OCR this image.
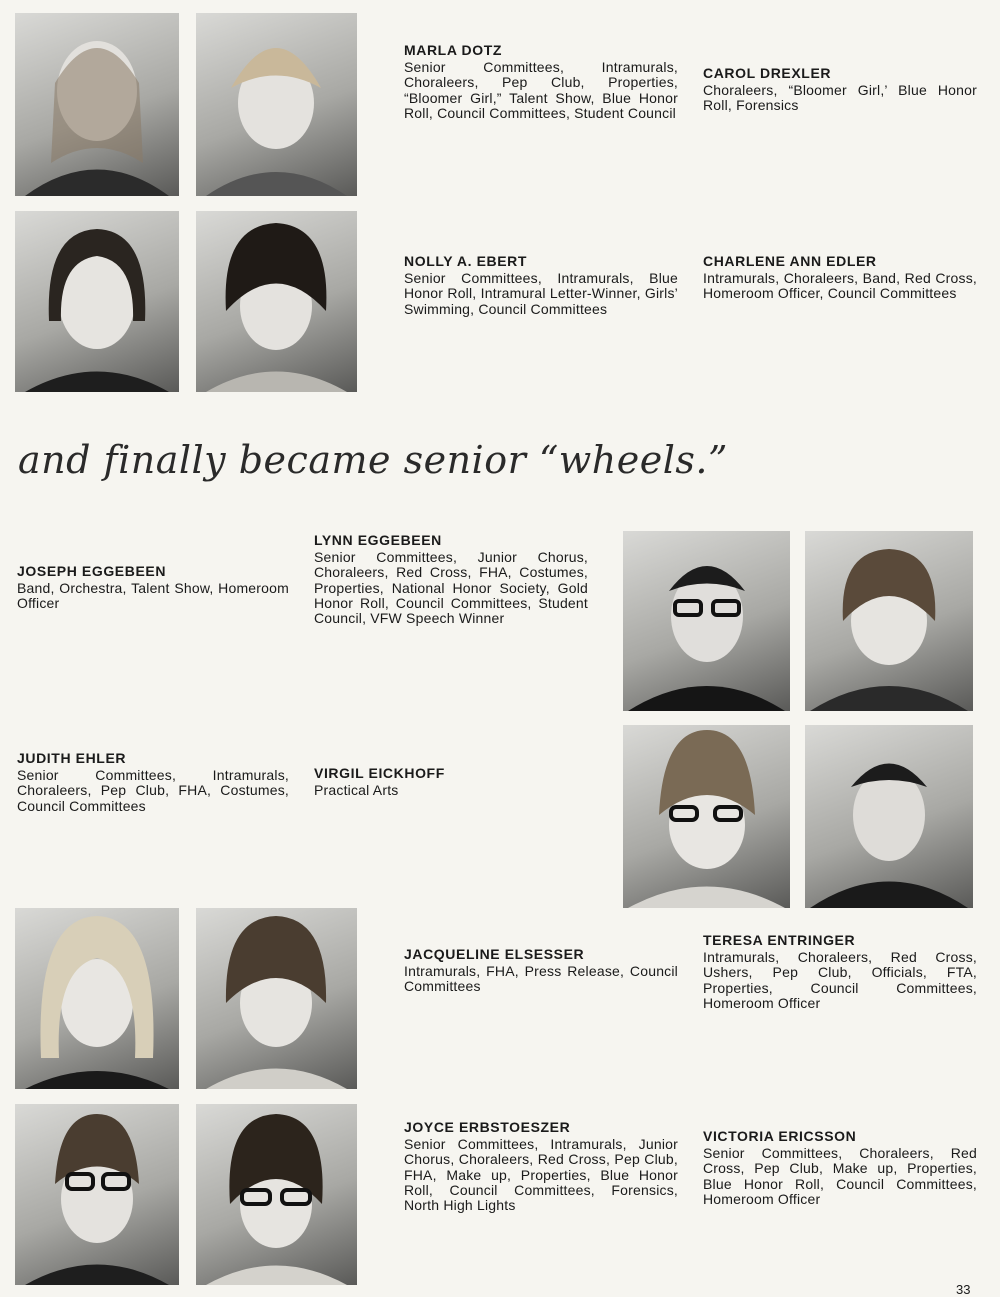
MARLA DOTZ

Senior Committees, Intramurals, Choraleers, Pep Club, Properties, “Bloomer Girl,” Talent Show, Blue Honor Roll, Council Committees, Student Council

CAROL DREXLER

Choraleers, “Bloomer Girl,’ Blue Honor Roll, Forensics

NOLLY A. EBERT

Senior Committees, Intramurals, Blue Honor Roll, Intramural Letter-Winner, Girls’ Swimming, Council Committees

CHARLENE ANN EDLER

Intramurals, Choraleers, Band, Red Cross, Homeroom Officer, Council Committees

and finally became senior “wheels.”
JOSEPH EGGEBEEN

Band, Orchestra, Talent Show, Homeroom Officer

LYNN EGGEBEEN

Senior Committees, Junior Chorus, Choraleers, Red Cross, FHA, Costumes, Properties, National Honor Society, Gold Honor Roll, Council Committees, Student Council, VFW Speech Winner

JUDITH EHLER

Senior Committees, Intramurals, Choraleers, Pep Club, FHA, Costumes, Council Committees

VIRGIL EICKHOFF

Practical Arts

JACQUELINE ELSESSER

Intramurals, FHA, Press Release, Council Committees

TERESA ENTRINGER

Intramurals, Choraleers, Red Cross, Ushers, Pep Club, Officials, FTA, Properties, Council Committees, Homeroom Officer

JOYCE ERBSTOESZER

Senior Committees, Intramurals, Junior Chorus, Choraleers, Red Cross, Pep Club, FHA, Make up, Properties, Blue Honor Roll, Council Committees, Forensics, North High Lights

VICTORIA ERICSSON

Senior Committees, Choraleers, Red Cross, Pep Club, Make up, Properties, Blue Honor Roll, Council Committees, Homeroom Officer

33
